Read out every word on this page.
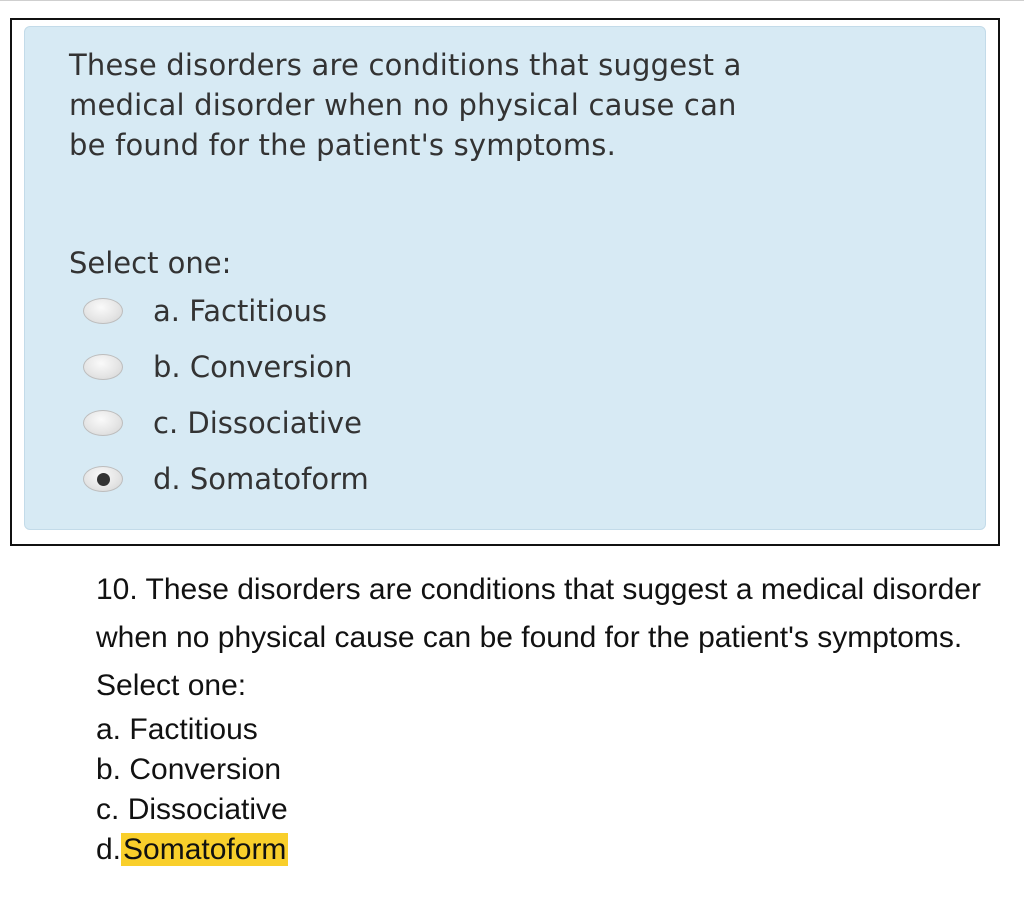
These disorders are conditions that suggest a medical disorder when no physical cause can be found for the patient's symptoms.

Select one:

a. Factitious
b. Conversion
c. Dissociative
d. Somatoform

10. These disorders are conditions that suggest a medical disorder when no physical cause can be found for the patient's symptoms.

Select one:

a. Factitious
b. Conversion
c. Dissociative
d.Somatoform
